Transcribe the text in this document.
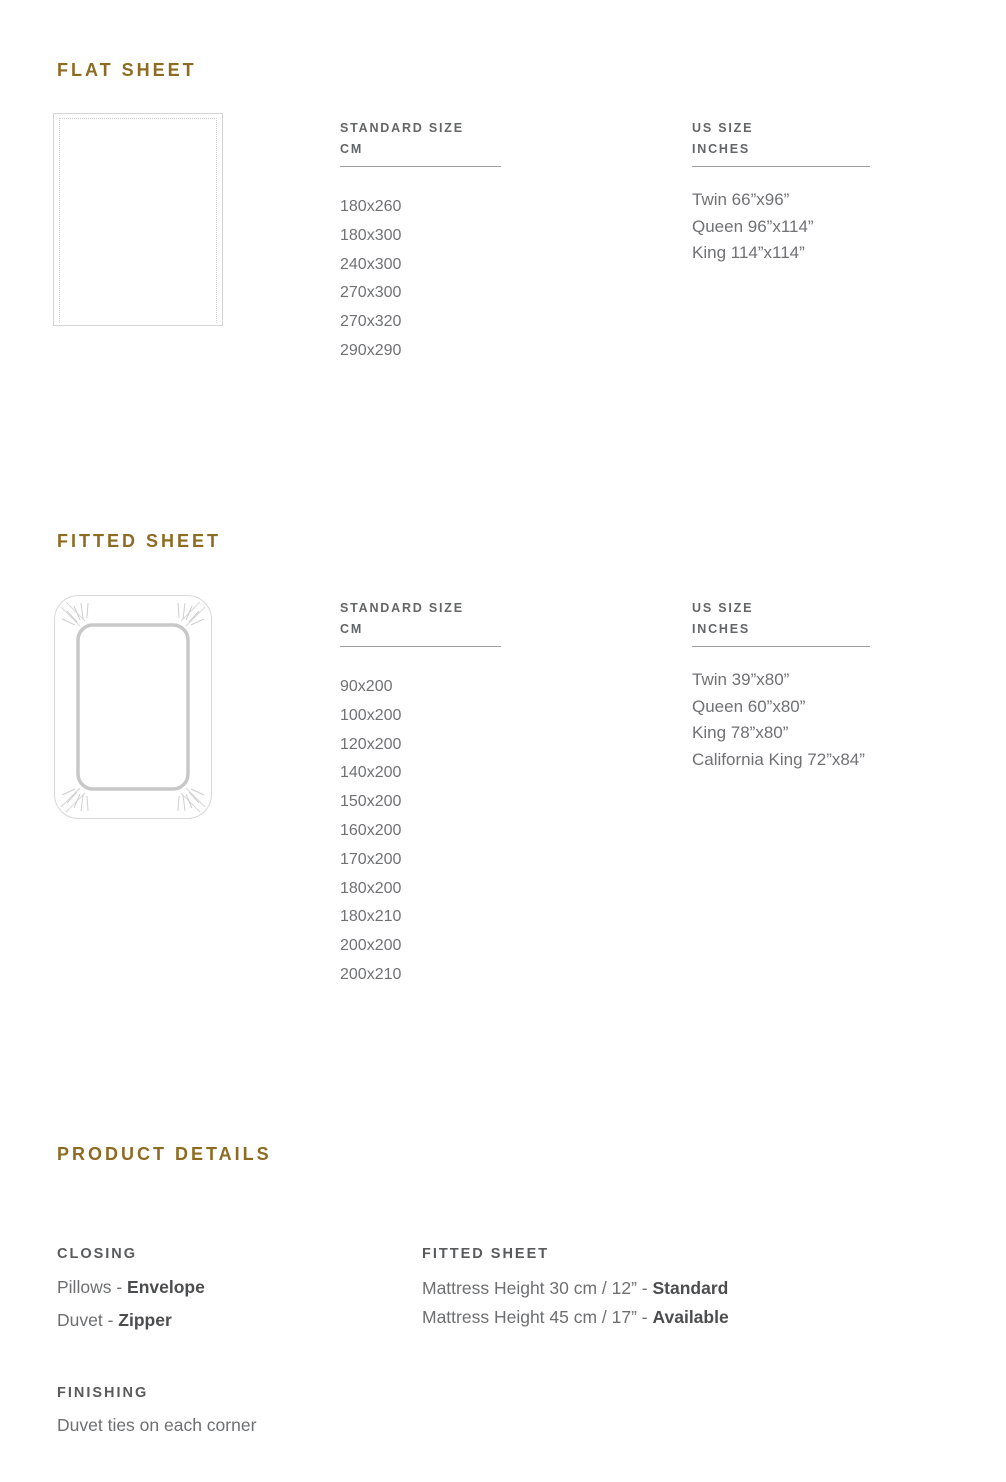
FLAT SHEET
STANDARD SIZE
CM
180x260
180x300
240x300
270x300
270x320
290x290
US SIZE
INCHES
Twin 66”x96”
Queen 96”x114”
King 114”x114”
FITTED SHEET
STANDARD SIZE
CM
90x200
100x200
120x200
140x200
150x200
160x200
170x200
180x200
180x210
200x200
200x210
US SIZE
INCHES
Twin 39”x80”
Queen 60”x80”
King 78”x80”
California King 72”x84”
PRODUCT DETAILS
CLOSING
Pillows - Envelope
Duvet - Zipper
FITTED SHEET
Mattress Height 30 cm / 12” - Standard
Mattress Height 45 cm / 17” - Available
FINISHING
Duvet ties on each corner
